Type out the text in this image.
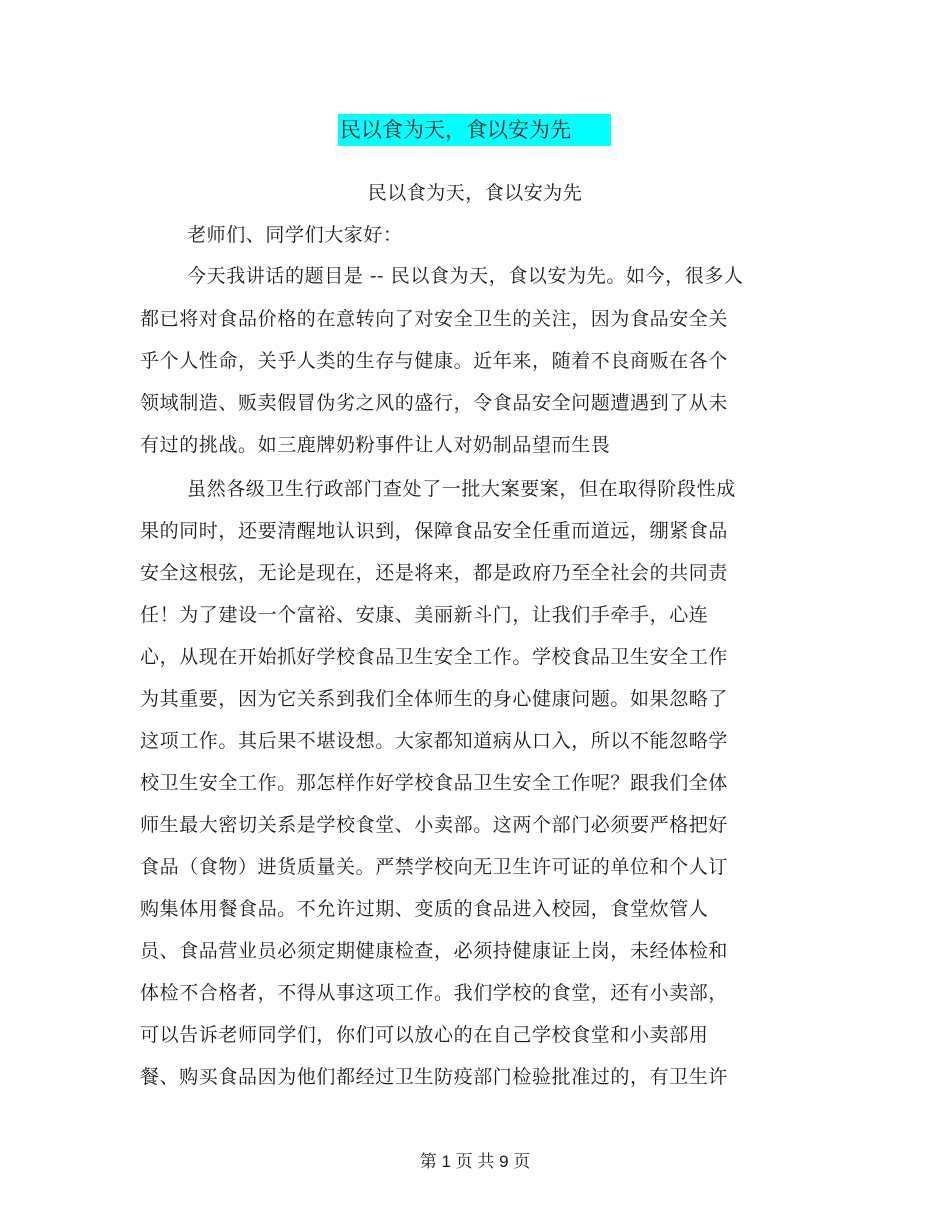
民以食为天，食以安为先
民以食为天，食以安为先
老师们、同学们大家好：
今天我讲话的题目是 -- 民以食为天，食以安为先。如今，很多人
都已将对食品价格的在意转向了对安全卫生的关注，因为食品安全关
乎个人性命，关乎人类的生存与健康。近年来，随着不良商贩在各个
领域制造、贩卖假冒伪劣之风的盛行，令食品安全问题遭遇到了从未
有过的挑战。如三鹿牌奶粉事件让人对奶制品望而生畏
虽然各级卫生行政部门查处了一批大案要案，但在取得阶段性成
果的同时，还要清醒地认识到，保障食品安全任重而道远，绷紧食品
安全这根弦，无论是现在，还是将来，都是政府乃至全社会的共同责
任！为了建设一个富裕、安康、美丽新斗门，让我们手牵手，心连
心，从现在开始抓好学校食品卫生安全工作。学校食品卫生安全工作
为其重要，因为它关系到我们全体师生的身心健康问题。如果忽略了
这项工作。其后果不堪设想。大家都知道病从口入，所以不能忽略学
校卫生安全工作。那怎样作好学校食品卫生安全工作呢？跟我们全体
师生最大密切关系是学校食堂、小卖部。这两个部门必须要严格把好
食品（食物）进货质量关。严禁学校向无卫生许可证的单位和个人订
购集体用餐食品。不允许过期、变质的食品进入校园，食堂炊管人
员、食品营业员必须定期健康检查，必须持健康证上岗，未经体检和
体检不合格者，不得从事这项工作。我们学校的食堂，还有小卖部，
可以告诉老师同学们，你们可以放心的在自己学校食堂和小卖部用
餐、购买食品因为他们都经过卫生防疫部门检验批准过的，有卫生许
第 1 页 共 9 页
